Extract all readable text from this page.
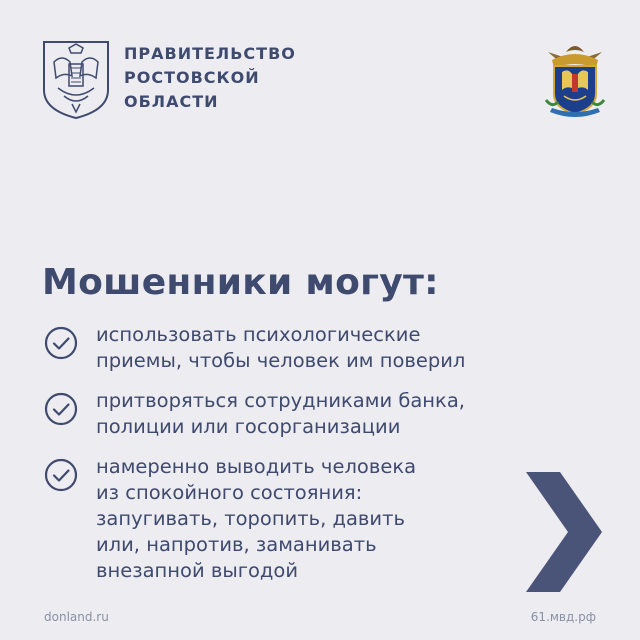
ПРАВИТЕЛЬСТВО
РОСТОВСКОЙ
ОБЛАСТИ
Мошенники могут:
использовать психологические
приемы, чтобы человек им поверил
притворяться сотрудниками банка,
полиции или госорганизации
намеренно выводить человека
из спокойного состояния:
запугивать, торопить, давить
или, напротив, заманивать
внезапной выгодой
donland.ru	61.мвд.рф
